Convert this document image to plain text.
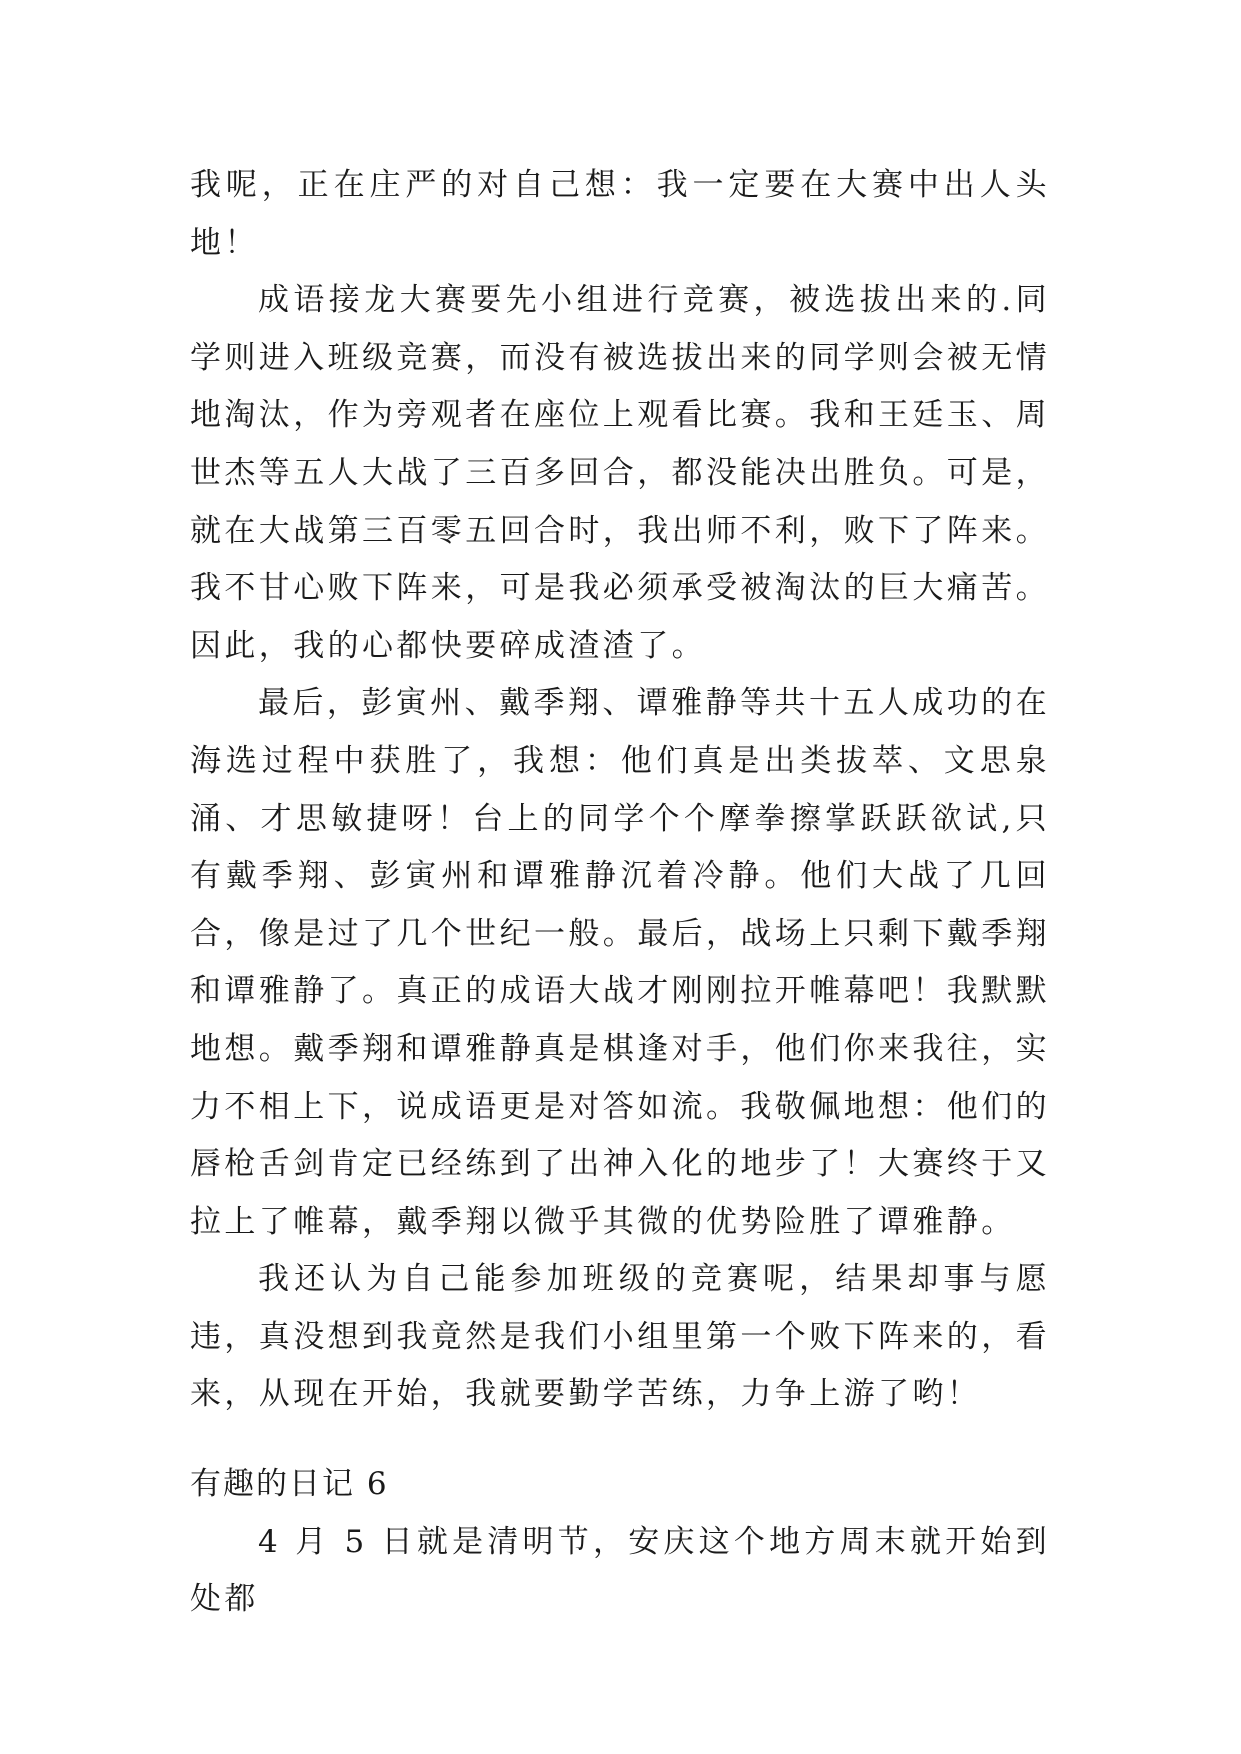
我呢，正在庄严的对自己想：我一定要在大赛中出人头地！

成语接龙大赛要先小组进行竞赛，被选拔出来的.同学则进入班级竞赛，而没有被选拔出来的同学则会被无情地淘汰，作为旁观者在座位上观看比赛。我和王廷玉、周世杰等五人大战了三百多回合，都没能决出胜负。可是，就在大战第三百零五回合时，我出师不利，败下了阵来。我不甘心败下阵来，可是我必须承受被淘汰的巨大痛苦。因此，我的心都快要碎成渣渣了。

最后，彭寅州、戴季翔、谭雅静等共十五人成功的在海选过程中获胜了，我想：他们真是出类拔萃、文思泉涌、才思敏捷呀！台上的同学个个摩拳擦掌跃跃欲试,只有戴季翔、彭寅州和谭雅静沉着冷静。他们大战了几回合，像是过了几个世纪一般。最后，战场上只剩下戴季翔和谭雅静了。真正的成语大战才刚刚拉开帷幕吧！我默默地想。戴季翔和谭雅静真是棋逢对手，他们你来我往，实力不相上下，说成语更是对答如流。我敬佩地想：他们的唇枪舌剑肯定已经练到了出神入化的地步了！大赛终于又拉上了帷幕，戴季翔以微乎其微的优势险胜了谭雅静。

我还认为自己能参加班级的竞赛呢，结果却事与愿违，真没想到我竟然是我们小组里第一个败下阵来的，看来，从现在开始，我就要勤学苦练，力争上游了哟！

有趣的日记 6

4 月 5 日就是清明节，安庆这个地方周末就开始到处都
